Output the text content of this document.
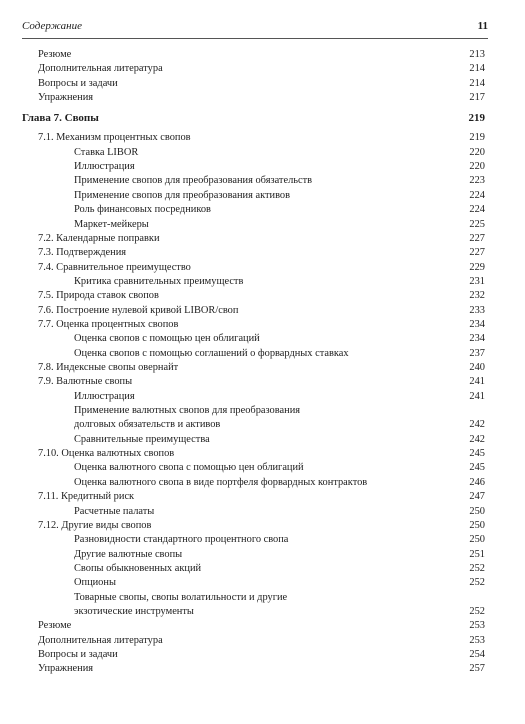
Содержание	11
Резюме	213
Дополнительная литература	214
Вопросы и задачи	214
Упражнения	217
Глава 7. Свопы	219
7.1. Механизм процентных свопов	219
Ставка LIBOR	220
Иллюстрация	220
Применение свопов для преобразования обязательств	223
Применение свопов для преобразования активов	224
Роль финансовых посредников	224
Маркет-мейкеры	225
7.2. Календарные поправки	227
7.3. Подтверждения	227
7.4. Сравнительное преимущество	229
Критика сравнительных преимуществ	231
7.5. Природа ставок свопов	232
7.6. Построение нулевой кривой LIBOR/своп	233
7.7. Оценка процентных свопов	234
Оценка свопов с помощью цен облигаций	234
Оценка свопов с помощью соглашений о форвардных ставках	237
7.8. Индексные свопы овернайт	240
7.9. Валютные свопы	241
Иллюстрация	241
Применение валютных свопов для преобразования
долговых обязательств и активов	242
Сравнительные преимущества	242
7.10. Оценка валютных свопов	245
Оценка валютного свопа с помощью цен облигаций	245
Оценка валютного свопа в виде портфеля форвардных контрактов	246
7.11. Кредитный риск	247
Расчетные палаты	250
7.12. Другие виды свопов	250
Разновидности стандартного процентного свопа	250
Другие валютные свопы	251
Свопы обыкновенных акций	252
Опционы	252
Товарные свопы, свопы волатильности и другие
экзотические инструменты	252
Резюме	253
Дополнительная литература	253
Вопросы и задачи	254
Упражнения	257
